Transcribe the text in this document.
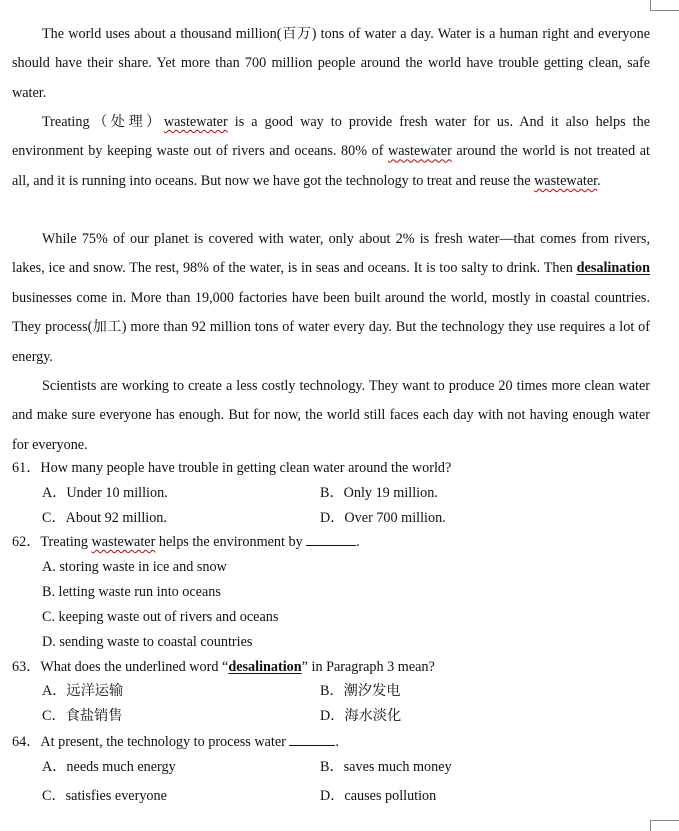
The world uses about a thousand million(百万) tons of water a day. Water is a human right and everyone should have their share. Yet more than 700 million people around the world have trouble getting clean, safe water.

Treating（处理）wastewater is a good way to provide fresh water for us. And it also helps the environment by keeping waste out of rivers and oceans. 80% of wastewater around the world is not treated at all, and it is running into oceans. But now we have got the technology to treat and reuse the wastewater.

While 75% of our planet is covered with water, only about 2% is fresh water—that comes from rivers, lakes, ice and snow. The rest, 98% of the water, is in seas and oceans. It is too salty to drink. Then desalination businesses come in. More than 19,000 factories have been built around the world, mostly in coastal countries. They process(加工) more than 92 million tons of water every day. But the technology they use requires a lot of energy.

Scientists are working to create a less costly technology. They want to produce 20 times more clean water and make sure everyone has enough. But for now, the world still faces each day with not having enough water for everyone.

61．How many people have trouble in getting clean water around the world?
A．Under 10 million.	B．Only 19 million.
C．About 92 million.	D．Over 700 million.
62．Treating wastewater helps the environment by	.
A. storing waste in ice and snow
B. letting waste run into oceans
C. keeping waste out of rivers and oceans
D. sending waste to coastal countries
63．What does the underlined word “desalination” in Paragraph 3 mean?
A．远洋运输	B．潮汐发电
C．食盐销售	D．海水淡化
64．At present, the technology to process water	.
A．needs much energy	B．saves much money
C．satisfies everyone	D．causes pollution
